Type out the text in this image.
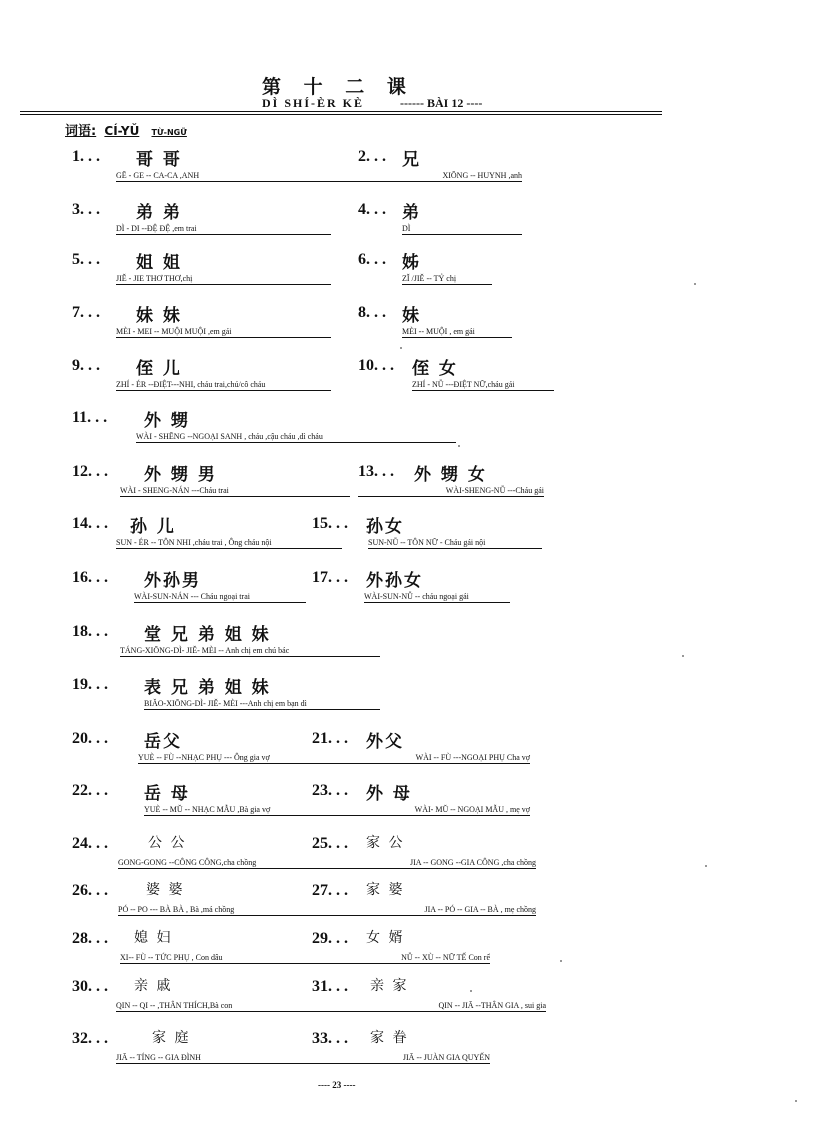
第 十 二 课
DÌ SHÍ-ÈR KÈ	------ BÀI 12 ----
词语: CÍ-YǓ TỪ-NGỮ
1. . . 哥 哥
GĒ - GE -- CA-CA ,ANH
2. . . 兄
XIŌNG -- HUYNH ,anh
3. . . 弟 弟
DÌ - DI --ĐỆ ĐỆ ,em trai
4. . . 弟
DÌ
5. . . 姐 姐
JIĚ - JIE THƠ THƠ,chị
6. . . 姊
ZǏ /JIĚ -- TỶ chị
7. . . 妹 妹
MÈI - MEI -- MUỘI MUỘI ,em gái
8. . . 妹
MÈI -- MUỘI , em gái
9. . . 侄 儿
ZHÍ - ÉR --ĐIỆT---NHI, cháu trai,chú/cô cháu
10. . . 侄 女
ZHÍ - NǙ ---ĐIỆT NỮ,cháu gái
11. . . 外 甥
WÀI - SHĒNG --NGOẠI SANH , cháu ,cậu cháu ,dì cháu
12. . . 外 甥 男
WÀI - SHENG-NÁN ---Cháu trai
13. . . 外 甥 女
WÀI-SHENG-NǙ ---Cháu gái
14. . . 孙 儿
SUN - ÉR -- TÔN NHI ,cháu trai , Ông cháu nội
15. . . 孙女
SUN-NǙ -- TÔN NỮ - Cháu gái nội
16. . . 外孙男
WÀI-SUN-NÁN --- Cháu ngoại trai
17. . . 外孙女
WÀI-SUN-NǙ -- cháu ngoại gái
18. . . 堂 兄 弟 姐 妹
TÁNG-XIŌNG-DÌ- JIĚ- MÈI -- Anh chị em chú bác
19. . . 表 兄 弟 姐 妹
BIǍO-XIŌNG-DÌ- JIĚ- MÈI ---Anh chị em bạn dì
20. . . 岳父
YUÈ -- FÙ --NHẠC PHỤ --- Ông gia vợ
21. . . 外父
WÀI -- FÙ ---NGOẠI PHỤ Cha vợ
22. . . 岳 母
YUÈ -- MǓ -- NHẠC MẪU ,Bà gia vợ
23. . . 外 母
WÀI- MǓ -- NGOẠI MẪU , mẹ vợ
24. . .	公 公
GONG-GONG --CÔNG CÔNG,cha chồng
25. . . 家 公
JIA -- GONG --GIA CÔNG ,cha chồng
26. . .	婆 婆
PÓ -- PO --- BÀ BÀ , Bà ,má chồng
27. . . 家 婆
JIA -- PÓ -- GIA -- BÀ , mẹ chồng
28. . . 媳 妇
XI-- FÙ -- TỨC PHỤ , Con dâu
29. . . 女 婿
NǙ -- XÙ -- NỮ TẾ Con rể
30. . . 亲 戚
QIN -- QI -- ,THÂN THÍCH,Bà con
31. . . 亲 家
QIN -- JIĀ --THÂN GIA , sui gia
32. . .	家 庭
JIĀ -- TÍNG -- GIA ĐÌNH
33. . . 家 眷
JIĀ -- JUÀN GIA QUYẾN
---- 23 ----
